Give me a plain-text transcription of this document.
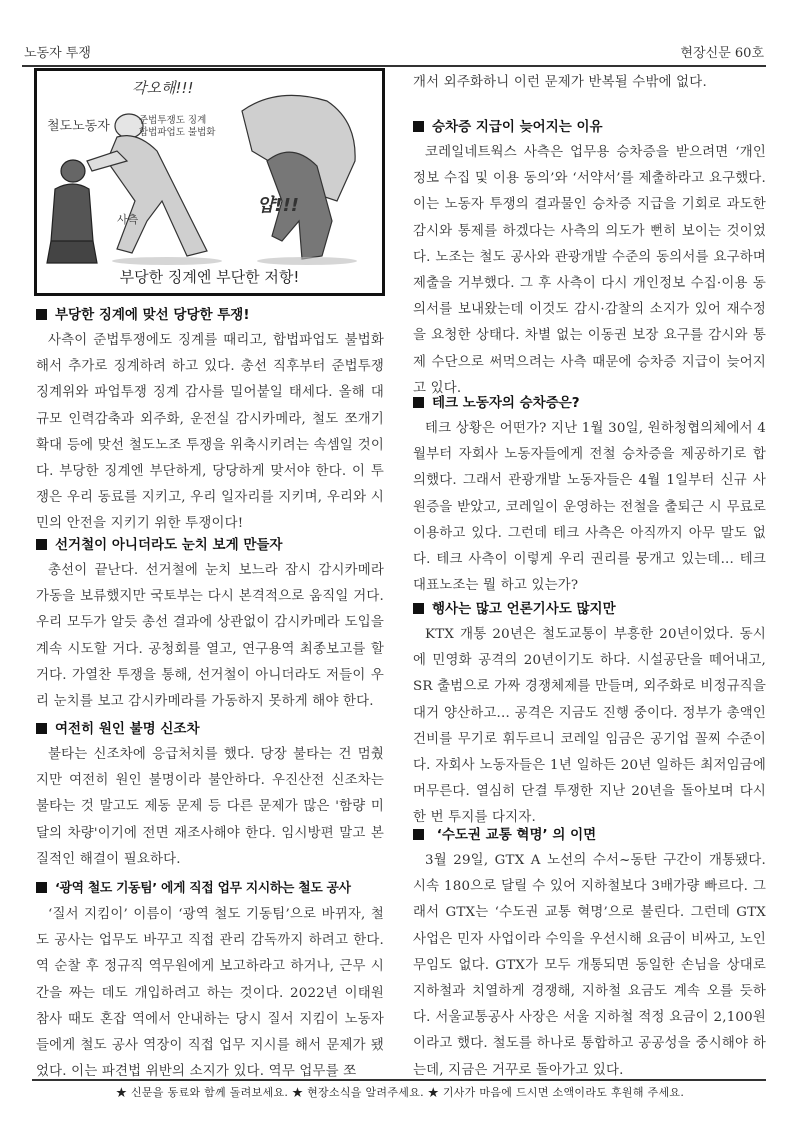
노동자 투쟁	현장신문 60호
각오해!!!
철도노동자	준법투쟁도 징계
합법파업도 불법화
사측
얍!!!
부당한 징계엔 부단한 저항!
부당한 징계에 맞선 당당한 투쟁!

사측이 준법투쟁에도 징계를 때리고, 합법파업도 불법화해서 추가로 징계하려 하고 있다. 총선 직후부터 준법투쟁 징계위와 파업투쟁 징계 감사를 밀어붙일 태세다. 올해 대규모 인력감축과 외주화, 운전실 감시카메라, 철도 쪼개기 확대 등에 맞선 철도노조 투쟁을 위축시키려는 속셈일 것이다. 부당한 징계엔 부단하게, 당당하게 맞서야 한다. 이 투쟁은 우리 동료를 지키고, 우리 일자리를 지키며, 우리와 시민의 안전을 지키기 위한 투쟁이다!

선거철이 아니더라도 눈치 보게 만들자

총선이 끝난다. 선거철에 눈치 보느라 잠시 감시카메라 가동을 보류했지만 국토부는 다시 본격적으로 움직일 거다. 우리 모두가 알듯 총선 결과에 상관없이 감시카메라 도입을 계속 시도할 거다. 공청회를 열고, 연구용역 최종보고를 할 거다. 가열찬 투쟁을 통해, 선거철이 아니더라도 저들이 우리 눈치를 보고 감시카메라를 가동하지 못하게 해야 한다.

여전히 원인 불명 신조차

불타는 신조차에 응급처치를 했다. 당장 불타는 건 멈췄지만 여전히 원인 불명이라 불안하다. 우진산전 신조차는 불타는 것 말고도 제동 문제 등 다른 문제가 많은 '함량 미달의 차량'이기에 전면 재조사해야 한다. 임시방편 말고 본질적인 해결이 필요하다.

‘광역 철도 기동팀’ 에게 직접 업무 지시하는 철도 공사

‘질서 지킴이’ 이름이 ‘광역 철도 기동팀’으로 바뀌자, 철도 공사는 업무도 바꾸고 직접 관리 감독까지 하려고 한다. 역 순찰 후 정규직 역무원에게 보고하라고 하거나, 근무 시간을 짜는 데도 개입하려고 하는 것이다. 2022년 이태원 참사 때도 혼잡 역에서 안내하는 당시 질서 지킴이 노동자들에게 철도 공사 역장이 직접 업무 지시를 해서 문제가 됐었다. 이는 파견법 위반의 소지가 있다. 역무 업무를 쪼

개서 외주화하니 이런 문제가 반복될 수밖에 없다.

승차증 지급이 늦어지는 이유

코레일네트웍스 사측은 업무용 승차증을 받으려면 ‘개인정보 수집 및 이용 동의’와 ‘서약서’를 제출하라고 요구했다. 이는 노동자 투쟁의 결과물인 승차증 지급을 기회로 과도한 감시와 통제를 하겠다는 사측의 의도가 뻔히 보이는 것이었다. 노조는 철도 공사와 관광개발 수준의 동의서를 요구하며 제출을 거부했다. 그 후 사측이 다시 개인정보 수집·이용 동의서를 보내왔는데 이것도 감시·감찰의 소지가 있어 재수정을 요청한 상태다. 차별 없는 이동권 보장 요구를 감시와 통제 수단으로 써먹으려는 사측 때문에 승차증 지급이 늦어지고 있다.

테크 노동자의 승차증은?

테크 상황은 어떤가? 지난 1월 30일, 원하청협의체에서 4월부터 자회사 노동자들에게 전철 승차증을 제공하기로 합의했다. 그래서 관광개발 노동자들은 4월 1일부터 신규 사원증을 받았고, 코레일이 운영하는 전철을 출퇴근 시 무료로 이용하고 있다. 그런데 테크 사측은 아직까지 아무 말도 없다. 테크 사측이 이렇게 우리 권리를 뭉개고 있는데... 테크 대표노조는 뭘 하고 있는가?

행사는 많고 언론기사도 많지만

KTX 개통 20년은 철도교통이 부흥한 20년이었다. 동시에 민영화 공격의 20년이기도 하다. 시설공단을 떼어내고, SR 출범으로 가짜 경쟁체제를 만들며, 외주화로 비정규직을 대거 양산하고... 공격은 지금도 진행 중이다. 정부가 총액인건비를 무기로 휘두르니 코레일 임금은 공기업 꼴찌 수준이다. 자회사 노동자들은 1년 일하든 20년 일하든 최저임금에 머무른다. 열심히 단결 투쟁한 지난 20년을 돌아보며 다시 한 번 투지를 다지자.

‘수도권 교통 혁명’ 의 이면

3월 29일, GTX A 노선의 수서~동탄 구간이 개통됐다. 시속 180으로 달릴 수 있어 지하철보다 3배가량 빠르다. 그래서 GTX는 ‘수도권 교통 혁명’으로 불린다. 그런데 GTX 사업은 민자 사업이라 수익을 우선시해 요금이 비싸고, 노인 무임도 없다. GTX가 모두 개통되면 동일한 손님을 상대로 지하철과 치열하게 경쟁해, 지하철 요금도 계속 오를 듯하다. 서울교통공사 사장은 서울 지하철 적정 요금이 2,100원이라고 했다. 철도를 하나로 통합하고 공공성을 중시해야 하는데, 지금은 거꾸로 돌아가고 있다.

★ 신문을 동료와 함께 돌려보세요. ★ 현장소식을 알려주세요. ★ 기사가 마음에 드시면 소액이라도 후원해 주세요.
